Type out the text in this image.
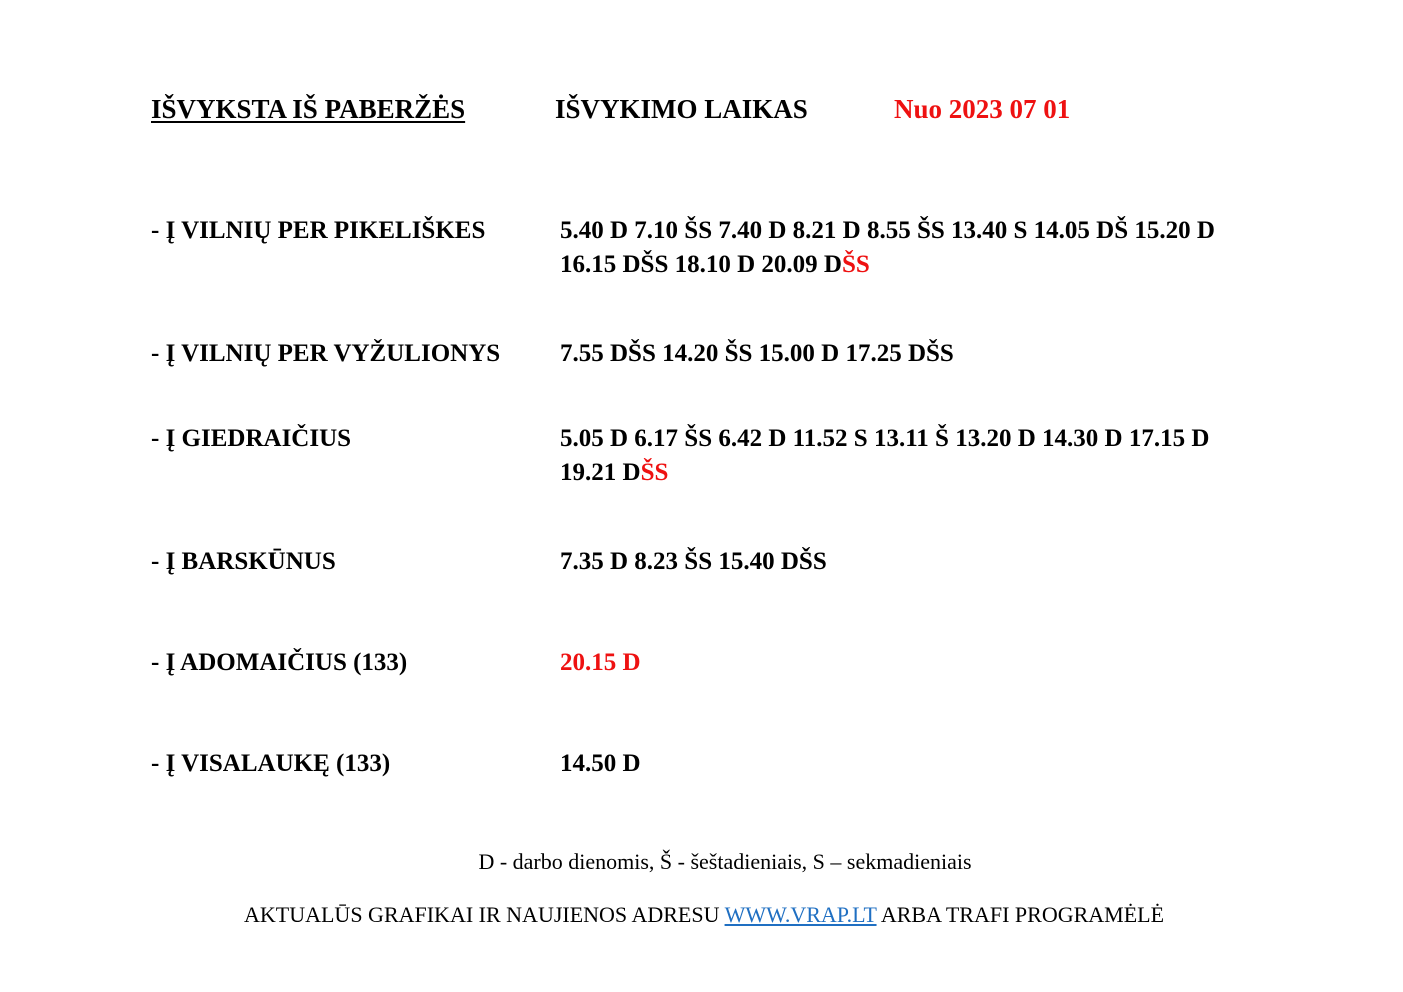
IŠVYKSTA IŠ PABERŽĖS	IŠVYKIMO LAIKAS	Nuo 2023 07 01
- Į VILNIŲ PER PIKELIŠKES	5.40 D 7.10 ŠS 7.40 D 8.21 D 8.55 ŠS 13.40 S 14.05 DŠ 15.20 D
16.15 DŠS 18.10 D 20.09 DŠS
- Į VILNIŲ PER VYŽULIONYS 7.55 DŠS 14.20 ŠS 15.00 D 17.25 DŠS
- Į GIEDRAIČIUS	5.05 D 6.17 ŠS 6.42 D 11.52 S 13.11 Š 13.20 D 14.30 D 17.15 D
19.21 DŠS
- Į BARSKŪNUS	7.35 D 8.23 ŠS 15.40 DŠS
- Į ADOMAIČIUS (133)	20.15 D
- Į VISALAUKĘ (133)	14.50 D
D - darbo dienomis, Š - šeštadieniais, S – sekmadieniais
AKTUALŪS GRAFIKAI IR NAUJIENOS ADRESU WWW.VRAP.LT ARBA TRAFI PROGRAMĖLĖ
